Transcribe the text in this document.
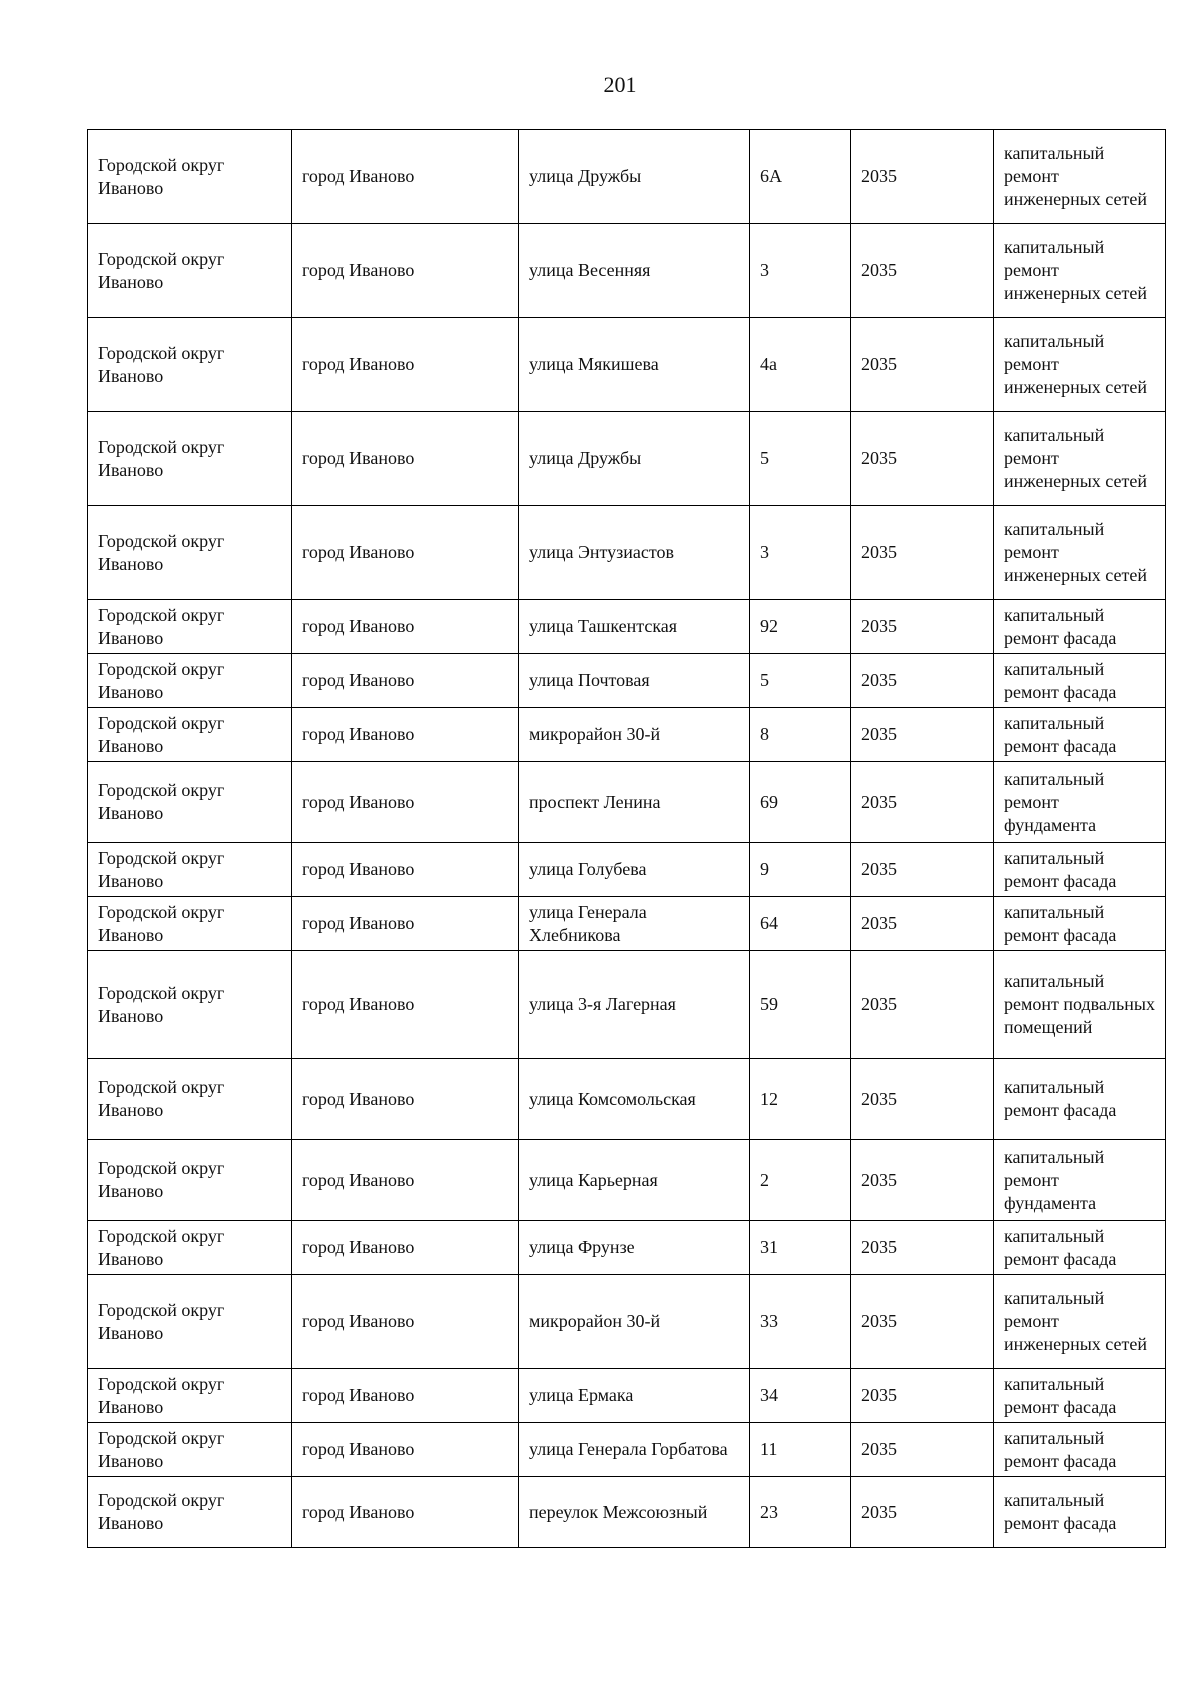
201
Городской округ Иваново	город Иваново	улица Дружбы	6А	2035	капитальный ремонт инженерных сетей
Городской округ Иваново	город Иваново	улица Весенняя	3	2035	капитальный ремонт инженерных сетей
Городской округ Иваново	город Иваново	улица Мякишева	4а	2035	капитальный ремонт инженерных сетей
Городской округ Иваново	город Иваново	улица Дружбы	5	2035	капитальный ремонт инженерных сетей
Городской округ Иваново	город Иваново	улица Энтузиастов	3	2035	капитальный ремонт инженерных сетей
Городской округ Иваново	город Иваново	улица Ташкентская	92	2035	капитальный ремонт фасада
Городской округ Иваново	город Иваново	улица Почтовая	5	2035	капитальный ремонт фасада
Городской округ Иваново	город Иваново	микрорайон 30-й	8	2035	капитальный ремонт фасада
Городской округ Иваново	город Иваново	проспект Ленина	69	2035	капитальный ремонт фундамента
Городской округ Иваново	город Иваново	улица Голубева	9	2035	капитальный ремонт фасада
Городской округ Иваново	город Иваново	улица Генерала Хлебникова	64	2035	капитальный ремонт фасада
Городской округ Иваново	город Иваново	улица 3-я Лагерная	59	2035	капитальный ремонт подвальных помещений
Городской округ Иваново	город Иваново	улица Комсомольская	12	2035	капитальный ремонт фасада
Городской округ Иваново	город Иваново	улица Карьерная	2	2035	капитальный ремонт фундамента
Городской округ Иваново	город Иваново	улица Фрунзе	31	2035	капитальный ремонт фасада
Городской округ Иваново	город Иваново	микрорайон 30-й	33	2035	капитальный ремонт инженерных сетей
Городской округ Иваново	город Иваново	улица Ермака	34	2035	капитальный ремонт фасада
Городской округ Иваново	город Иваново	улица Генерала Горбатова	11	2035	капитальный ремонт фасада
Городской округ Иваново	город Иваново	переулок Межсоюзный	23	2035	капитальный ремонт фасада
